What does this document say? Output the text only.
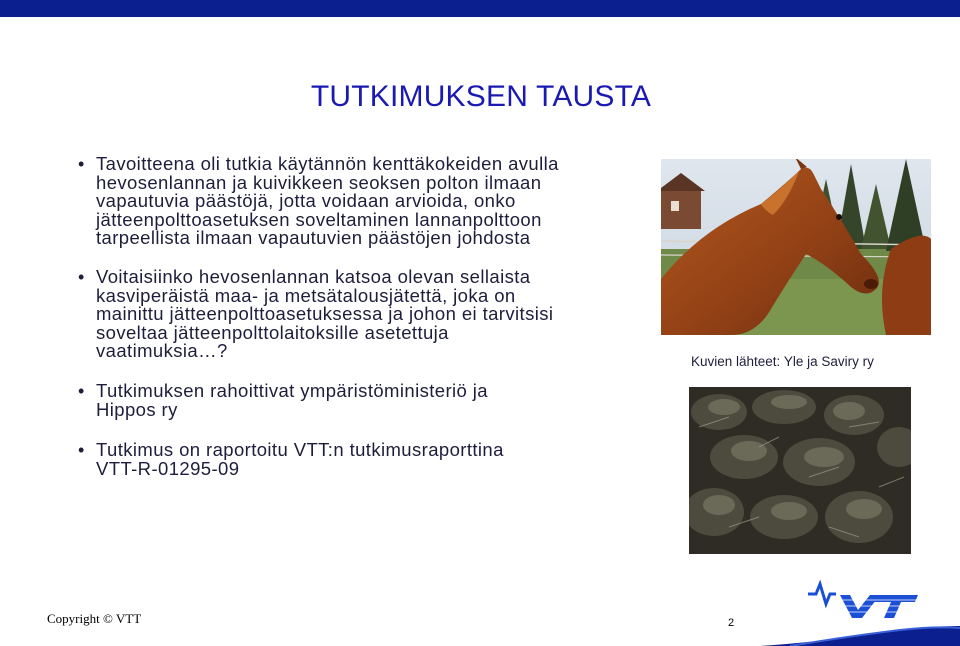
TUTKIMUKSEN TAUSTA
• Tavoitteena oli tutkia käytännön kenttäkokeiden avulla
hevosenlannan ja kuivikkeen seoksen polton ilmaan
vapautuvia päästöjä, jotta voidaan arvioida, onko
jätteenpolttoasetuksen soveltaminen lannanpolttoon
tarpeellista ilmaan vapautuvien päästöjen johdosta
• Voitaisiinko hevosenlannan katsoa olevan sellaista
kasviperäistä maa- ja metsätalousjätettä, joka on
mainittu jätteenpolttoasetuksessa ja johon ei tarvitsisi
soveltaa jätteenpolttolaitoksille asetettuja
vaatimuksia…?
• Tutkimuksen rahoittivat ympäristöministeriö ja
Hippos ry
• Tutkimus on raportoitu VTT:n tutkimusraporttina
VTT-R-01295-09
Kuvien lähteet: Yle ja Saviry ry
Copyright © VTT	2
VTT
